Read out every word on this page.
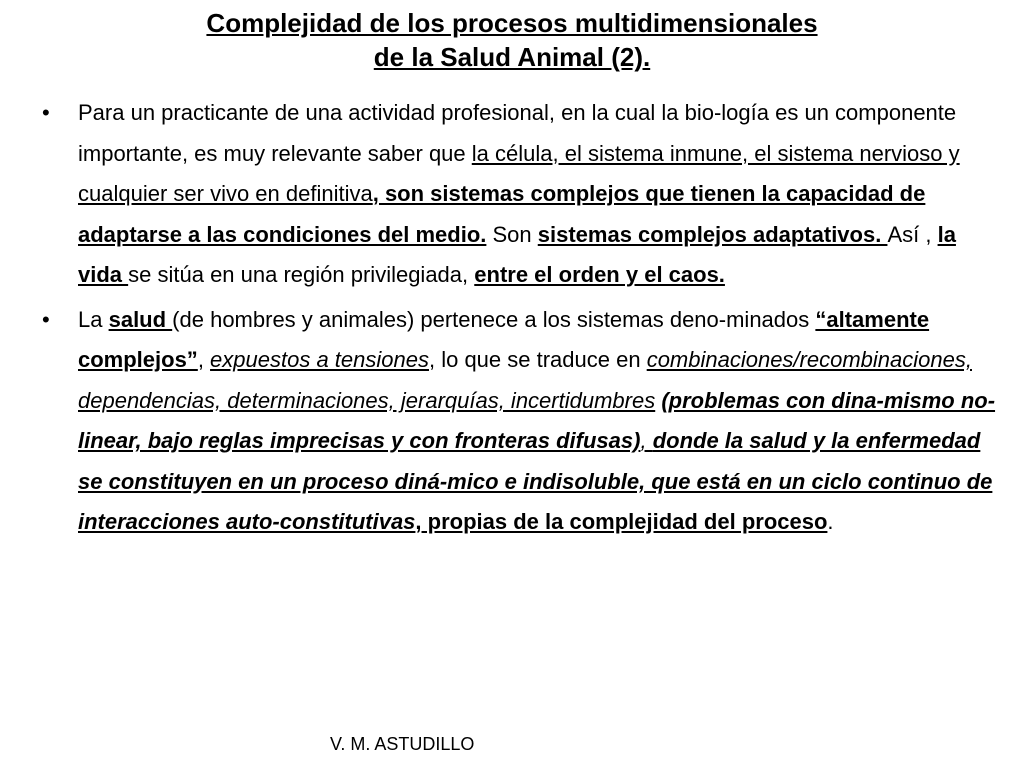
Complejidad de los procesos multidimensionales
de la Salud Animal (2).
• Para un practicante de una actividad profesional, en la cual la bio-logía es un componente importante, es muy relevante saber que la célula, el sistema inmune, el sistema nervioso y cualquier ser vivo en definitiva, son sistemas complejos que tienen la capacidad de adaptarse a las condiciones del medio. Son sistemas complejos adaptativos. Así , la vida se sitúa en una región privilegiada, entre el orden y el caos.
• La salud (de hombres y animales) pertenece a los sistemas deno-minados “altamente complejos”, expuestos a tensiones, lo que se traduce en combinaciones/recombinaciones, dependencias, determinaciones, jerarquías, incertidumbres (problemas con dina-mismo no-linear, bajo reglas imprecisas y con fronteras difusas), donde la salud y la enfermedad se constituyen en un proceso diná-mico e indisoluble, que está en un ciclo continuo de interacciones auto-constitutivas, propias de la complejidad del proceso.
V. M. ASTUDILLO
